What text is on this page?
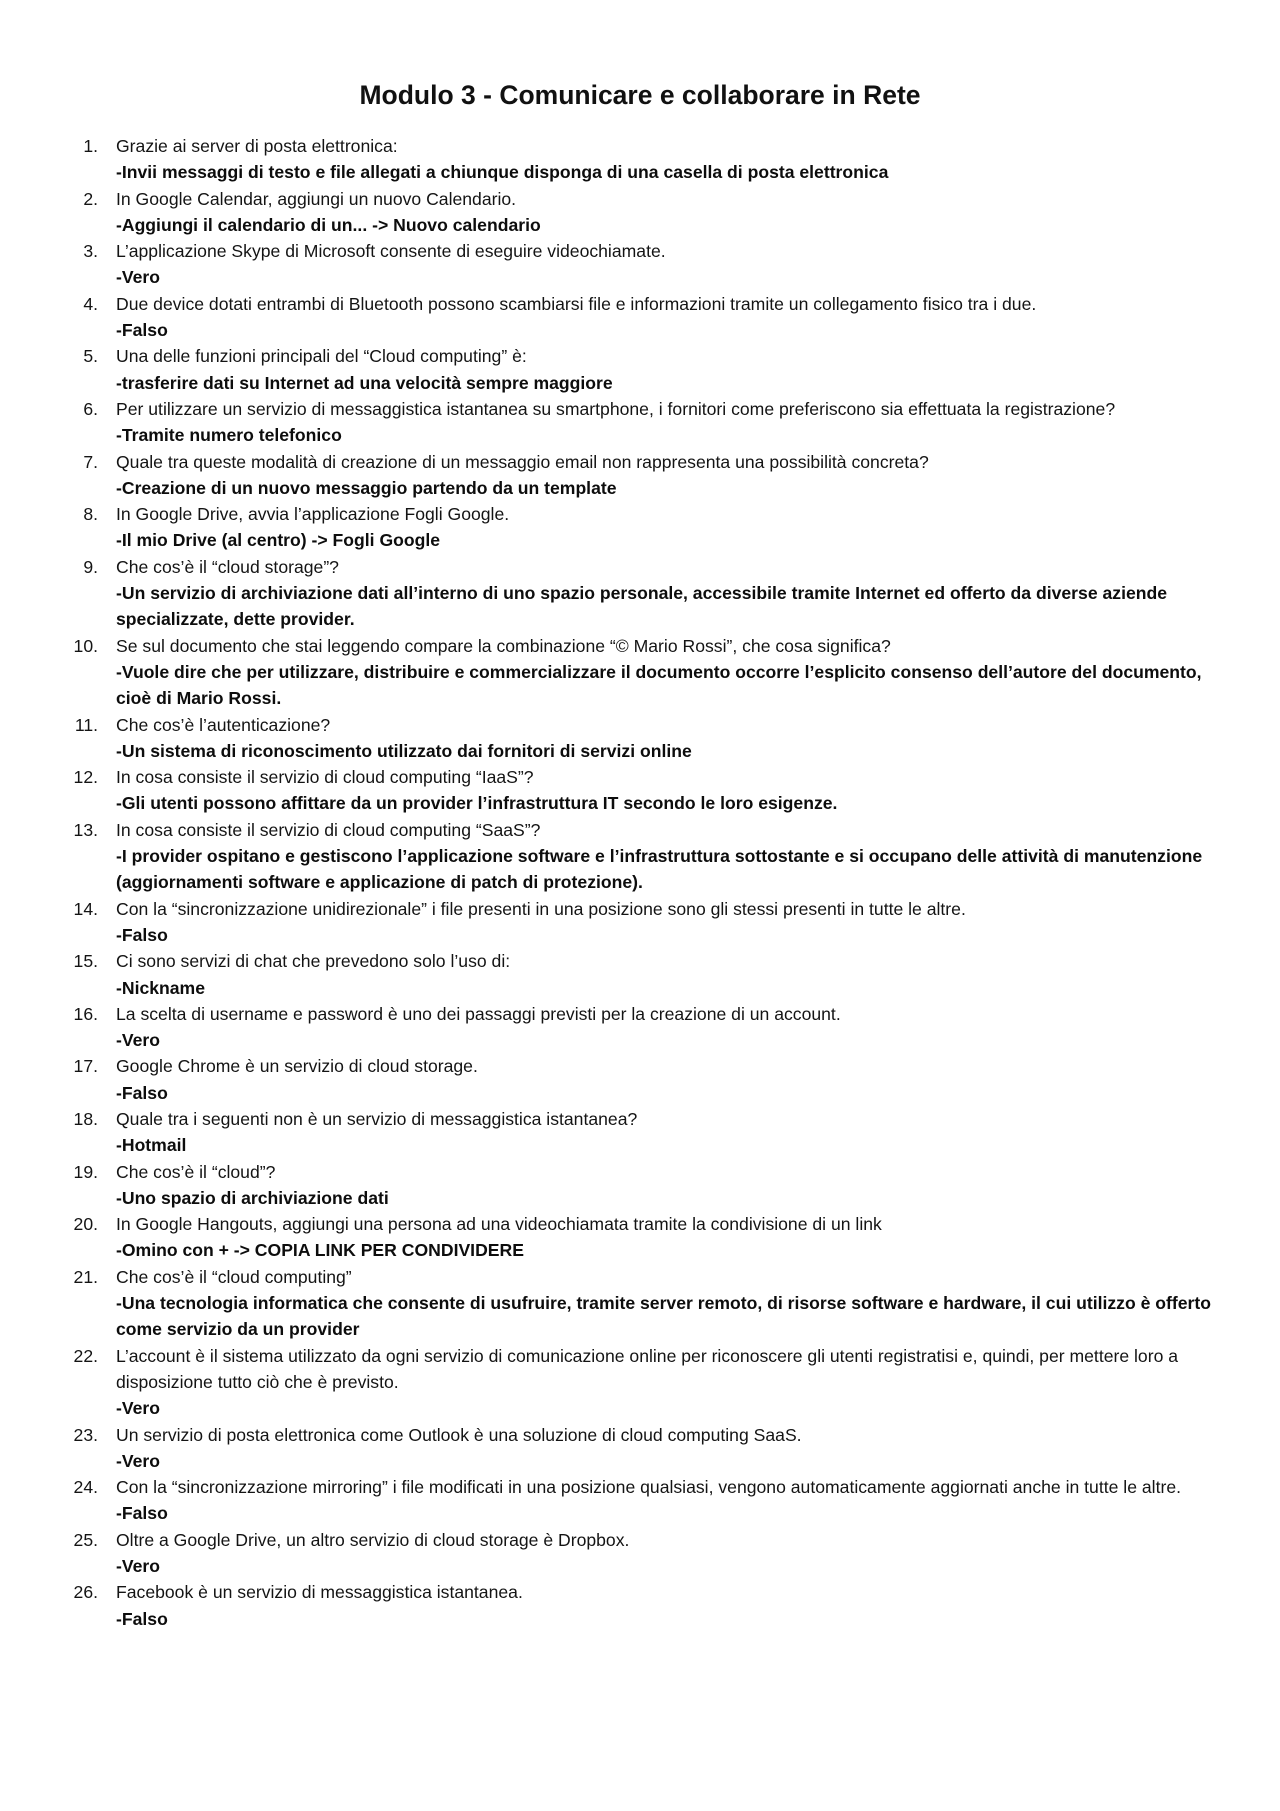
Modulo 3 - Comunicare e collaborare in Rete
1. Grazie ai server di posta elettronica:
-Invii messaggi di testo e file allegati a chiunque disponga di una casella di posta elettronica
2. In Google Calendar, aggiungi un nuovo Calendario.
-Aggiungi il calendario di un... -> Nuovo calendario
3. L’applicazione Skype di Microsoft consente di eseguire videochiamate.
-Vero
4. Due device dotati entrambi di Bluetooth possono scambiarsi file e informazioni tramite un collegamento fisico tra i due.
-Falso
5. Una delle funzioni principali del “Cloud computing” è:
-trasferire dati su Internet ad una velocità sempre maggiore
6. Per utilizzare un servizio di messaggistica istantanea su smartphone, i fornitori come preferiscono sia effettuata la registrazione?
-Tramite numero telefonico
7. Quale tra queste modalità di creazione di un messaggio email non rappresenta una possibilità concreta?
-Creazione di un nuovo messaggio partendo da un template
8. In Google Drive, avvia l’applicazione Fogli Google.
-Il mio Drive (al centro) -> Fogli Google
9. Che cos’è il “cloud storage”?
-Un servizio di archiviazione dati all’interno di uno spazio personale, accessibile tramite Internet ed offerto da diverse aziende specializzate, dette provider.
10. Se sul documento che stai leggendo compare la combinazione “© Mario Rossi”, che cosa significa?
-Vuole dire che per utilizzare, distribuire e commercializzare il documento occorre l’esplicito consenso dell’autore del documento, cioè di Mario Rossi.
11. Che cos’è l’autenticazione?
-Un sistema di riconoscimento utilizzato dai fornitori di servizi online
12. In cosa consiste il servizio di cloud computing “IaaS”?
-Gli utenti possono affittare da un provider l’infrastruttura IT secondo le loro esigenze.
13. In cosa consiste il servizio di cloud computing “SaaS”?
-I provider ospitano e gestiscono l’applicazione software e l’infrastruttura sottostante e si occupano delle attività di manutenzione (aggiornamenti software e applicazione di patch di protezione).
14. Con la “sincronizzazione unidirezionale” i file presenti in una posizione sono gli stessi presenti in tutte le altre.
-Falso
15. Ci sono servizi di chat che prevedono solo l’uso di:
-Nickname
16. La scelta di username e password è uno dei passaggi previsti per la creazione di un account.
-Vero
17. Google Chrome è un servizio di cloud storage.
-Falso
18. Quale tra i seguenti non è un servizio di messaggistica istantanea?
-Hotmail
19. Che cos’è il “cloud”?
-Uno spazio di archiviazione dati
20. In Google Hangouts, aggiungi una persona ad una videochiamata tramite la condivisione di un link
-Omino con + -> COPIA LINK PER CONDIVIDERE
21. Che cos’è il “cloud computing”
-Una tecnologia informatica che consente di usufruire, tramite server remoto, di risorse software e hardware, il cui utilizzo è offerto come servizio da un provider
22. L’account è il sistema utilizzato da ogni servizio di comunicazione online per riconoscere gli utenti registratisi e, quindi, per mettere loro a disposizione tutto ciò che è previsto.
-Vero
23. Un servizio di posta elettronica come Outlook è una soluzione di cloud computing SaaS.
-Vero
24. Con la “sincronizzazione mirroring” i file modificati in una posizione qualsiasi, vengono automaticamente aggiornati anche in tutte le altre.
-Falso
25. Oltre a Google Drive, un altro servizio di cloud storage è Dropbox.
-Vero
26. Facebook è un servizio di messaggistica istantanea.
-Falso
